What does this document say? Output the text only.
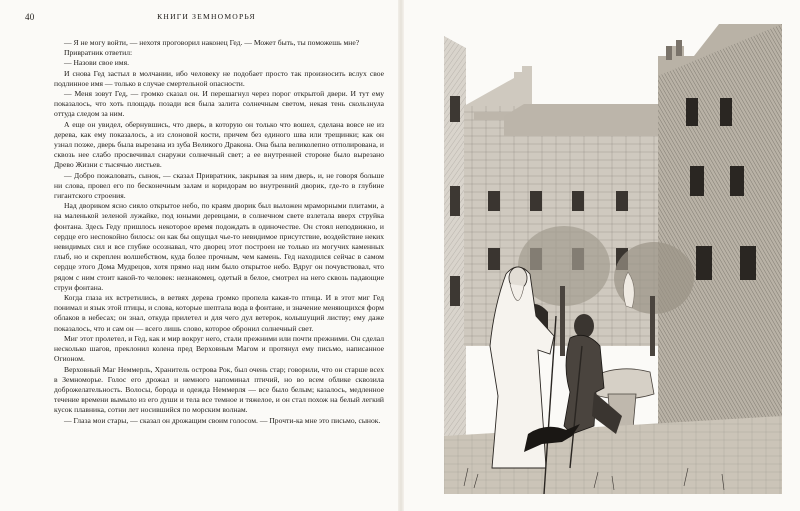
40	КНИГИ ЗЕМНОМОРЬЯ

— Я не могу войти, — нехотя проговорил наконец Гед. — Может быть, ты поможешь мне?

Привратник ответил:

— Назови свое имя.

И снова Гед застыл в молчании, ибо человеку не подобает просто так произносить вслух свое подлинное имя — только в случае смертельной опасности.

— Меня зовут Гед, — громко сказал он. И перешагнул через порог открытой двери. И тут ему показалось, что хоть площадь позади вся была залита солнечным светом, некая тень скользнула оттуда следом за ним.

А еще он увидел, обернувшись, что дверь, в которую он только что вошел, сделана вовсе не из дерева, как ему показалось, а из слоновой кости, причем без единого шва или трещинки; как он узнал позже, дверь была вырезана из зуба Великого Дракона. Она была великолепно отполирована, и сквозь нее слабо просвечивал снаружи солнечный свет; а ее внутренней стороне было вырезано Древо Жизни с тысячью листьев.

— Добро пожаловать, сынок, — сказал Привратник, закрывая за ним дверь, и, не говоря больше ни слова, провел его по бесконечным залам и коридорам во внутренний дворик, где-то в глубине гигантского строения.

Над двориком ясно сияло открытое небо, по краям дворик был выложен мраморными плитами, а на маленькой зеленой лужайке, под юными деревцами, в солнечном свете взлетала вверх струйка фонтана. Здесь Геду пришлось некоторое время подождать в одиночестве. Он стоял неподвижно, и сердце его неспокойно билось: он как бы ощущал чье-то невидимое присутствие, воздействие неких невидимых сил и все глубже осознавал, что дворец этот построен не только из могучих каменных глыб, но и скреплен волшебством, куда более прочным, чем камень. Гед находился сейчас в самом сердце этого Дома Мудрецов, хотя прямо над ним было открытое небо. Вдруг он почувствовал, что рядом с ним стоит какой-то человек: незнакомец, одетый в белое, смотрел на него сквозь падающие струи фонтана.

Когда глаза их встретились, в ветвях дерева громко пропела какая-то птица. И в этот миг Гед понимал и язык этой птицы, и слова, которые шептала вода в фонтане, и значение меняющихся форм облаков в небесах; он знал, откуда прилетел и для чего дул ветерок, колышущий листву; ему даже показалось, что и сам он — всего лишь слово, которое обронил солнечный свет.

Миг этот пролетел, и Гед, как и мир вокруг него, стали прежними или почти прежними. Он сделал несколько шагов, преклонил колена пред Верховным Магом и протянул ему письмо, написанное Огионом.

Верховный Маг Неммерль, Хранитель острова Рок, был очень стар; говорили, что он старше всех в Земноморье. Голос его дрожал и немного напоминал птичий, но во всем облике сквозила доброжелательность. Волосы, борода и одежда Неммерля — все было белым; казалось, медленное течение времени вымыло из его души и тела все темное и тяжелое, и он стал похож на белый легкий кусок плавника, сотни лет носившийся по морским волнам.

— Глаза мои стары, — сказал он дрожащим своим голосом. — Прочти-ка мне это письмо, сынок.
